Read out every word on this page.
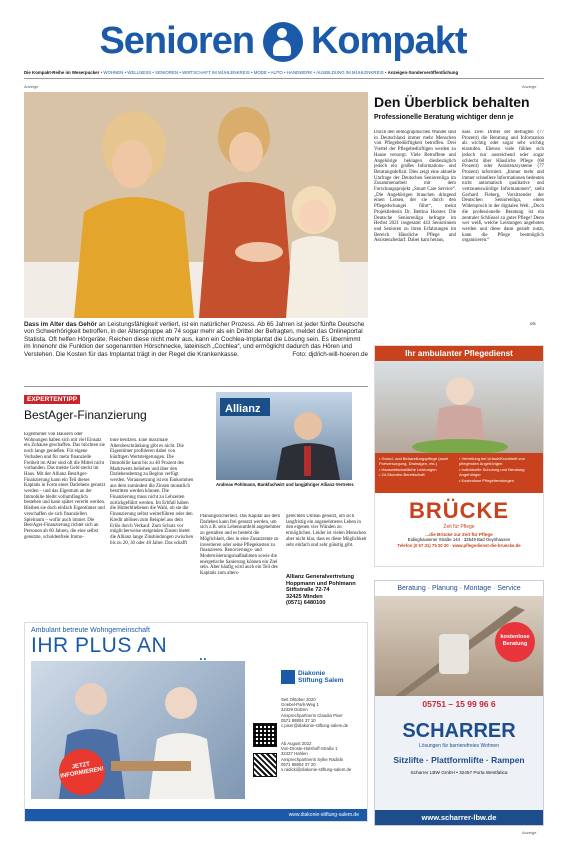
Senioren Kompakt
Die Kompakt-Reihe im Weserpucker • WOHNEN • WELLNESS • SENIOREN • WIRTSCHAFT IM MÜHLENKREIS • MODE • AUTO • HANDWERK • AUSBILDUNG IM MÜHLENKREIS • Anzeigen-Sonderveröffentlichung
Anzeige	Anzeige
Dass im Alter das Gehör an Leistungsfähigkeit verliert, ist ein natürlicher Prozess. Ab 65 Jahren ist jeder fünfte Deutsche von Schwerhörigkeit betroffen, in der Altersgruppe ab 74 sogar mehr als ein Drittel der Befragten, meldet das Onlineportal Statista. Oft helfen Hörgeräte. Reichen diese nicht mehr aus, kann ein Cochlea-Implantat die Lösung sein. Es übernimmt im Innenohr die Funktion der sogenannten Hörschnecke, lateinisch „Cochlea“, und ermöglicht dadurch das Hören und Verstehen. Die Kosten für das Implantat trägt in der Regel die Krankenkasse.	Foto: djd/ich-will-hoeren.de
Den Überblick behalten
Professionelle Beratung wichtiger denn je
Durch den demographischen Wandel sind in Deutschland immer mehr Menschen von Pflegebedürftigkeit betroffen. Drei Viertel der Pflegebedürftigen werden zu Hause versorgt. Viele Betroffene und Angehörige beklagen diesbezüglich jedoch ein großes Informations- und Beratungsdefizit. Dies zeigt eine aktuelle Umfrage der Deutschen Seniorenliga im Zusammenarbeit mit dem Forschungsprojekt „Smart Care Service“. „Die Angehörigen brauchen dringend einen Lotsen, der sie durch den Pflegedschungel führt“, meint Projektleiterin Dr. Bettina Horster. Die Deutsche Seniorenliga befragte im Herbst 2021 insgesamt 443 Seniorinnen und Senioren zu ihren Erfahrungen im Bereich Häusliche Pflege und Assistenzbedarf. Dabei kam heraus,
dass zwei Drittel der Befragten (77 Prozent) die Beratung und Information als wichtig oder sogar sehr wichtig einstufen. Ebenso viele fühlen sich jedoch nur ausreichend oder sogar schlecht über Häusliche Pflege (68 Prozent) oder Assistenzsysteme (77 Prozent) informiert. „Immer mehr und immer schnellere Informationen bedeuten nicht automatisch qualitative und vertrauenswürdige Informationen“, sieht Gerhard Fleberg, Vorsitzender der Deutschen Seniorenliga, einen Widerspruch in der digitalen Welt. „Doch die professionelle Beratung ist ein zentraler Schlüssel zu guter Pflege! Denn wer weiß, welche Leistungen angeboten werden und diese dann gezielt nutzt, kann die Pflege bestmöglich organisieren.“
ots
Ihr ambulanter Pflegedienst
• Grund- und Behandlungspflege (auch Portversorgung, Drainagen, etc.)
• Hauswirtschaftliche Leistungen
• 24-Stunden-Bereitschaft
• Vertretung bei Urlaub/Krankheit von pflegenden Angehörigen
• Individuelle Schulung und Beratung Angehöriger
• Kostenlose Pflegeberatungen
BRÜCKE
Zeit für Pflege
...die Brücke zur Zeit für Pflege
Eidinghausener Straße 144 · 32549 Bad Oeynhausen
Telefon (0 57 31) 75 20 20 · www.pflegedienst-die-bruecke.de
EXPERTENTIPP
BestAger-Finanzierung
Eigentümer von Häusern oder Wohnungen haben sich mit viel Einsatz ein Zuhause geschaffen. Das möchten sie noch lange genießen. Für eigene Vorhaben und für mehr finanzielle Freiheit im Alter sind oft die Mittel nicht vorhanden. Das meiste Geld steckt im Haus. Mit der Allianz BestAger-Finanzierung kann ein Teil dieses Kapitals in Form eines Darlehens genutzt werden – und das Eigentum an der Immobilie bleibt vollumfänglich bestehen und kann später vererbt werden. Bleiben sie doch einfach Eigentümer und verschaffen sie sich finanziellen Spielraum – wofür auch immer. Die BestAger-Finanzierung richtet sich an Personen ab 60 Jahren, die eine selbst genutzte, schuldenfreie Immo-
bilie besitzen. Eine maximale Altersbeschränkung gibt es nicht. Die Eigentümer profitieren dabei von künftigen Wertsteigerungen. Die Immobilie kann bis zu 40 Prozent des Marktwerts beliehen und über den Darlehensbetrag zu Beginn verfügt werden. Voraussetzung ist ein Einkommen aus dem zumindest die Zinsen monatlich bestritten werden können. Die Finanzierung muss nicht zu Lebzeiten zurückgeführt werden. Im Erbfall haben die Hinterbliebenen die Wahl, ob sie die Finanzierung selbst weiterführen oder den Kredit ablösen zum Beispiel aus dem Erlös durch Verkauf. Zum Schutz vor möglicherweise steigenden Zinsen bietet die Allianz lange Zinsbindungen zwischen bis zu 20, 30 oder 40 Jahre. Das schafft
Allianz
Andreas Pohlmann, Bankfachwirt und langjähriger Allianz-Vertreter.
Planungssicherheit. Das Kapital aus dem Darlehen kann frei genutzt werden, um sich z.B. sein Lebensumfeld angenehmer zu gestalten und es besteht die Möglichkeit, dies in eine Zusatzrente zu investieren oder seine Pflegekosten zu finanzieren. Renovierungs- und Modernisierungsmaßnahmen sowie die energetische Sanierung können ein Ziel sein. Aber häufig wird auch ein Teil des Kapitals zum alters-
gerechten Umbau genutzt, um sich langfristig ein angenehmeres Leben in den eigenen vier Wänden zu ermöglichen. Leider ist vielen Menschen aber nicht klar, dass es diese Möglichkeit sehr einfach und sehr günstig gibt.
Allianz Generalvertretung
Hoppmann und Pohlmann
Stiftstraße 72-74
32425 Minden
(0571) 6480100
Beratung · Planung · Montage · Service
kostenlose Beratung
05751 – 15 99 96 6
SCHARRER
Lösungen für barrierefreies Wohnen
Sitzlifte · Plattformlifte · Rampen
Scharrer LBW GmbH • 32457 Porta Westfalica
www.scharrer-lbw.de
Ambulant betreute Wohngemeinschaft
IHR PLUS AN
JETZT INFORMIEREN!
Diakonie
Stiftung Salem
Seit Oktober 2020
Goebel-Park-Weg 1
32429 Dützen
Ansprechpartnerin Claudia Pixer
0571 88804 37 10
c.pixer@diakonie-stiftung-salem.de
Ab August 2022
Von-Droste-Hülshoff-Straße 1
32427 Hahlen
Ansprechpartnerin Sylke Radicki
0571 88804 37 20
s.radicki@diakonie-stiftung-salem.de
www.diakonie-stiftung-salem.de
Anzeige
